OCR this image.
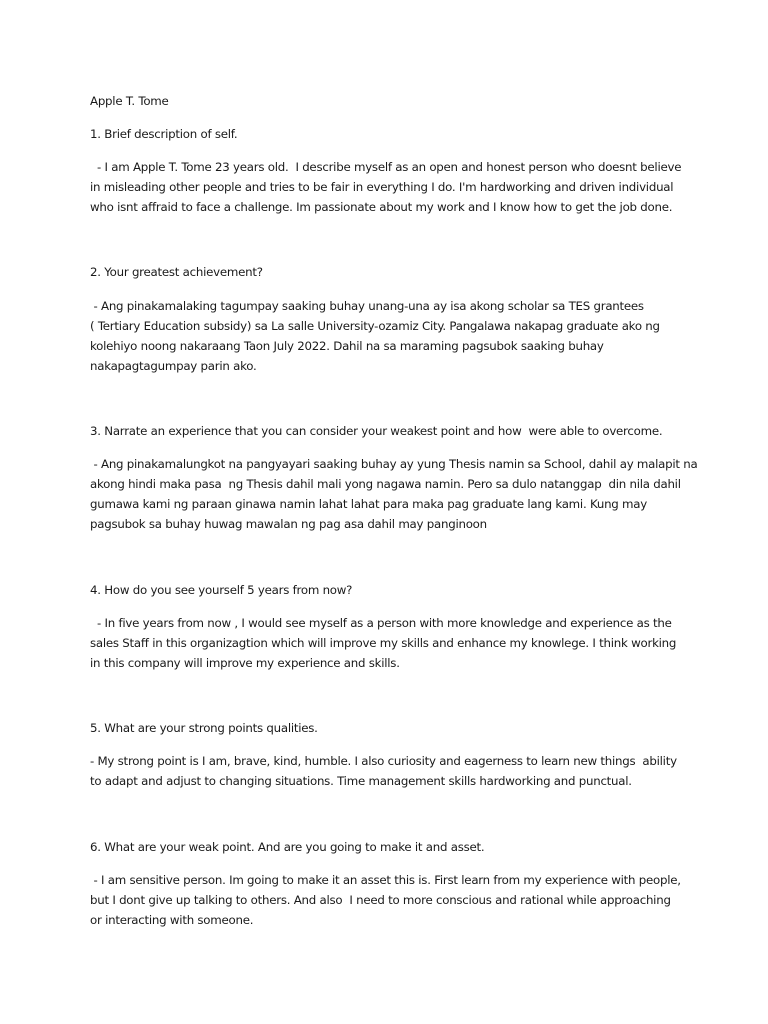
Apple T. Tome
1. Brief description of self.
- I am Apple T. Tome 23 years old.  I describe myself as an open and honest person who doesnt believe
in misleading other people and tries to be fair in everything I do. I'm hardworking and driven individual
who isnt affraid to face a challenge. Im passionate about my work and I know how to get the job done.
2. Your greatest achievement?
- Ang pinakamalaking tagumpay saaking buhay unang-una ay isa akong scholar sa TES grantees
( Tertiary Education subsidy) sa La salle University-ozamiz City. Pangalawa nakapag graduate ako ng
kolehiyo noong nakaraang Taon July 2022. Dahil na sa maraming pagsubok saaking buhay
nakapagtagumpay parin ako.
3. Narrate an experience that you can consider your weakest point and how  were able to overcome.
- Ang pinakamalungkot na pangyayari saaking buhay ay yung Thesis namin sa School, dahil ay malapit na
akong hindi maka pasa  ng Thesis dahil mali yong nagawa namin. Pero sa dulo natanggap  din nila dahil
gumawa kami ng paraan ginawa namin lahat lahat para maka pag graduate lang kami. Kung may
pagsubok sa buhay huwag mawalan ng pag asa dahil may panginoon
4. How do you see yourself 5 years from now?
- In five years from now , I would see myself as a person with more knowledge and experience as the
sales Staff in this organizagtion which will improve my skills and enhance my knowlege. I think working
in this company will improve my experience and skills.
5. What are your strong points qualities.
- My strong point is I am, brave, kind, humble. I also curiosity and eagerness to learn new things  ability
to adapt and adjust to changing situations. Time management skills hardworking and punctual.
6. What are your weak point. And are you going to make it and asset.
- I am sensitive person. Im going to make it an asset this is. First learn from my experience with people,
but I dont give up talking to others. And also  I need to more conscious and rational while approaching
or interacting with someone.
